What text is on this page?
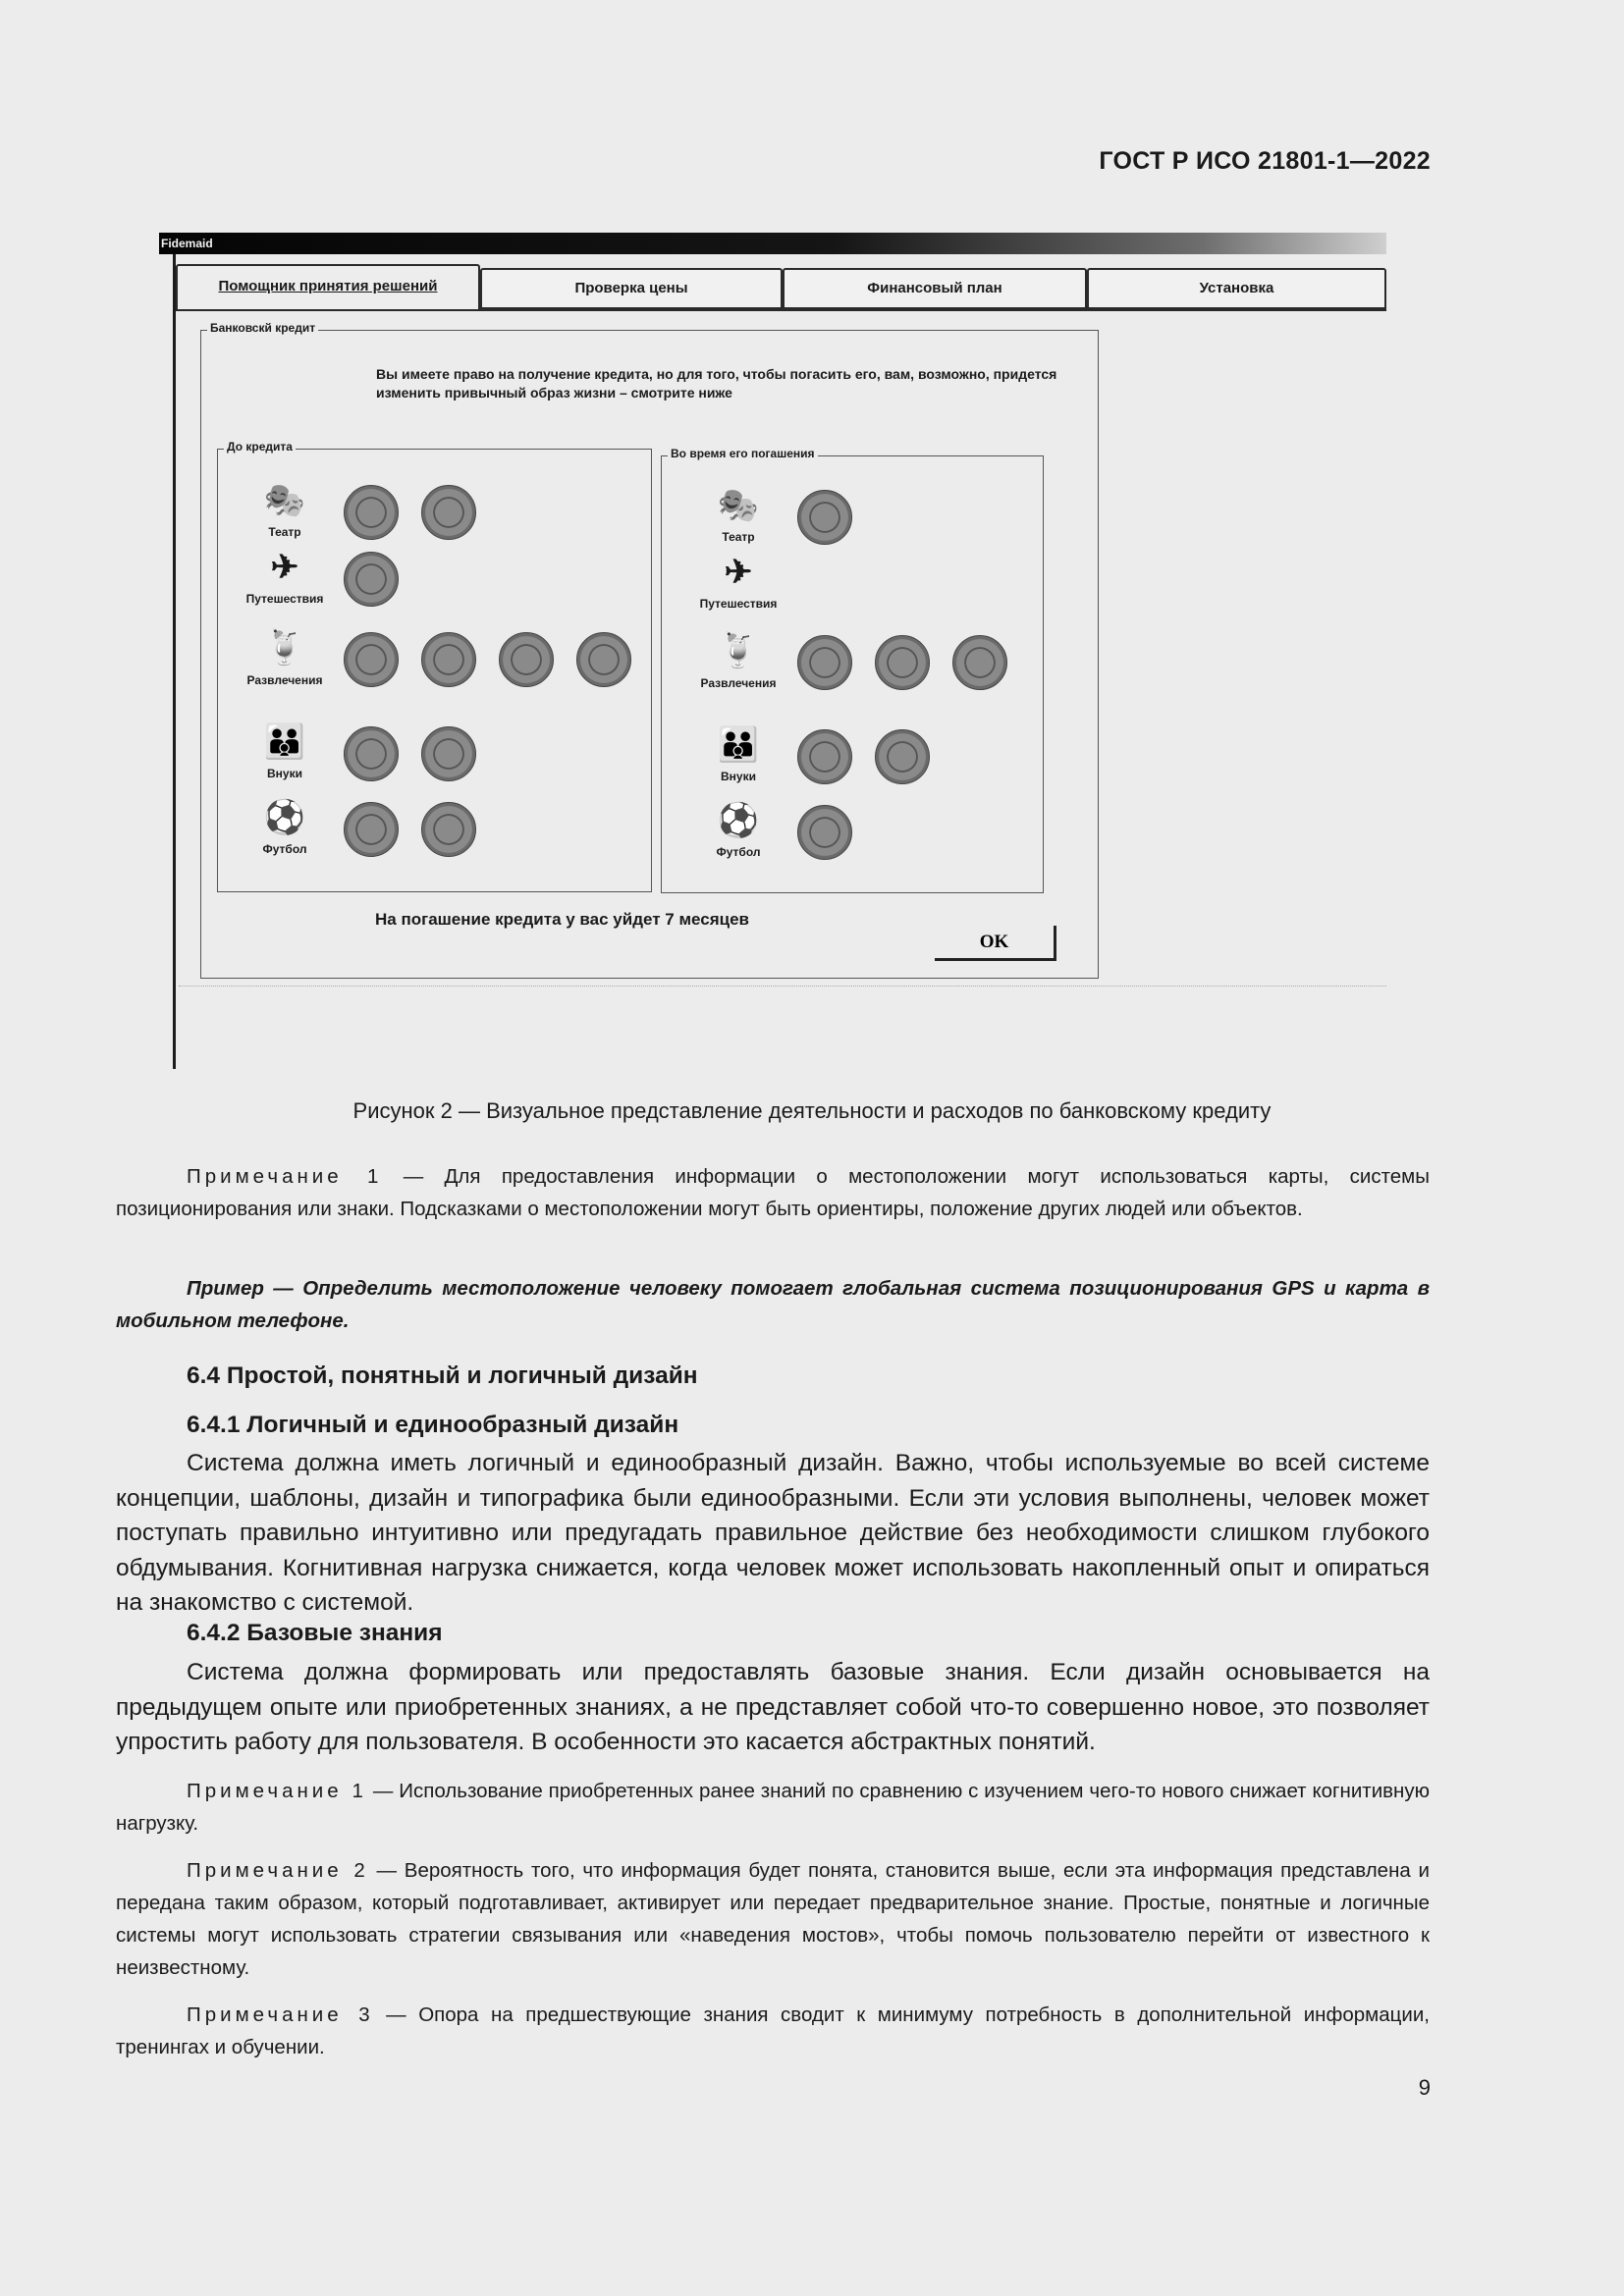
ГОСТ Р ИСО 21801-1—2022
Fidemaid
Помощник принятия решений	Проверка цены	Финансовый план	Установка
Банковскй кредит
Вы имеете право на получение кредита, но для того, чтобы погасить его, вам, возможно, придется
изменить привычный образ жизни – смотрите ниже
До кредита	Во время его погашения
🎭
Театр
✈
Путешествия
🍹
Развлечения
👪
Внуки
⚽
Футбол
🎭
Театр
✈
Путешествия
🍹
Развлечения
👪
Внуки
⚽
Футбол
На погашение кредита у вас уйдет 7 месяцев
OK
Рисунок 2 — Визуальное представление деятельности и расходов по банковскому кредиту
Примечание 1 — Для предоставления информации о местоположении могут использоваться карты, системы позиционирования или знаки. Подсказками о местоположении могут быть ориентиры, положение других людей или объектов.
Пример — Определить местоположение человеку помогает глобальная система позиционирования GPS и карта в мобильном телефоне.
6.4 Простой, понятный и логичный дизайн
6.4.1 Логичный и единообразный дизайн
Система должна иметь логичный и единообразный дизайн. Важно, чтобы используемые во всей системе концепции, шаблоны, дизайн и типографика были единообразными. Если эти условия выполнены, человек может поступать правильно интуитивно или предугадать правильное действие без необходимости слишком глубокого обдумывания. Когнитивная нагрузка снижается, когда человек может использовать накопленный опыт и опираться на знакомство с системой.
6.4.2 Базовые знания
Система должна формировать или предоставлять базовые знания. Если дизайн основывается на предыдущем опыте или приобретенных знаниях, а не представляет собой что-то совершенно новое, это позволяет упростить работу для пользователя. В особенности это касается абстрактных понятий.
Примечание 1 — Использование приобретенных ранее знаний по сравнению с изучением чего-то нового снижает когнитивную нагрузку.
Примечание 2 — Вероятность того, что информация будет понята, становится выше, если эта информация представлена и передана таким образом, который подготавливает, активирует или передает предварительное знание. Простые, понятные и логичные системы могут использовать стратегии связывания или «наведения мостов», чтобы помочь пользователю перейти от известного к неизвестному.
Примечание 3 — Опора на предшествующие знания сводит к минимуму потребность в дополнительной информации, тренингах и обучении.
9
